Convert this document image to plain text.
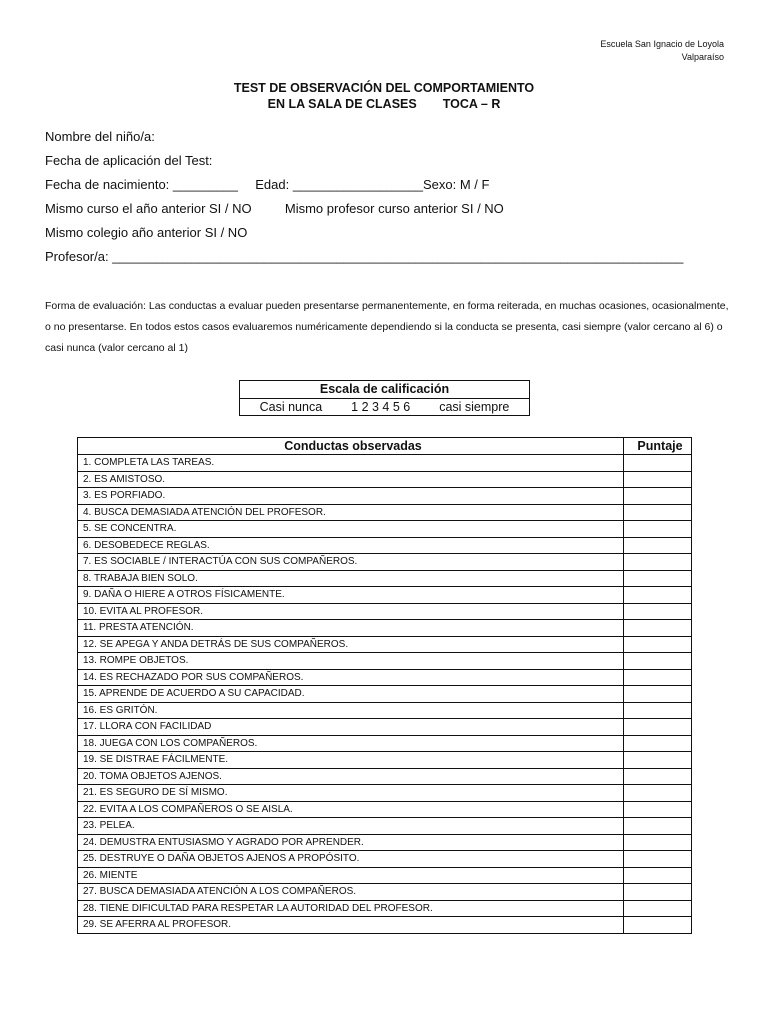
Escuela San Ignacio de Loyola
Valparaíso
TEST DE OBSERVACIÓN DEL COMPORTAMIENTO
EN LA SALA DE CLASES TOCA – R
Nombre del niño/a:
Fecha de aplicación del Test:
Fecha de nacimiento: _________ Edad: __________________Sexo: M / F
Mismo curso el año anterior SI / NO	Mismo profesor curso anterior SI / NO
Mismo colegio año anterior SI / NO
Profesor/a: _______________________________________________________________________________
Forma de evaluación: Las conductas a evaluar pueden presentarse permanentemente, en forma reiterada, en muchas ocasiones, ocasionalmente, o no presentarse. En todos estos casos evaluaremos numéricamente dependiendo si la conducta se presenta, casi siempre (valor cercano al 6) o casi nunca (valor cercano al 1)
Escala de calificación
Casi nunca 1 2 3 4 5 6 casi siempre
Conductas observadas	Puntaje
1. COMPLETA LAS TAREAS.	
2. ES AMISTOSO.	
3. ES PORFIADO.	
4. BUSCA DEMASIADA ATENCIÓN DEL PROFESOR.	
5. SE CONCENTRA.	
6. DESOBEDECE REGLAS.	
7. ES SOCIABLE / INTERACTÚA CON SUS COMPAÑEROS.	
8. TRABAJA BIEN SOLO.	
9. DAÑA O HIERE A OTROS FÍSICAMENTE.	
10. EVITA AL PROFESOR.	
11. PRESTA ATENCIÓN.	
12. SE APEGA Y ANDA DETRÁS DE SUS COMPAÑEROS.	
13. ROMPE OBJETOS.	
14. ES RECHAZADO POR SUS COMPAÑEROS.	
15. APRENDE DE ACUERDO A SU CAPACIDAD.	
16. ES GRITÓN.	
17. LLORA CON FACILIDAD	
18. JUEGA CON LOS COMPAÑEROS.	
19. SE DISTRAE FÁCILMENTE.	
20. TOMA OBJETOS AJENOS.	
21. ES SEGURO DE SÍ MISMO.	
22. EVITA A LOS COMPAÑEROS O SE AISLA.	
23. PELEA.	
24. DEMUSTRA ENTUSIASMO Y AGRADO POR APRENDER.	
25. DESTRUYE O DAÑA OBJETOS AJENOS A PROPÓSITO.	
26. MIENTE	
27. BUSCA DEMASIADA ATENCIÓN A LOS COMPAÑEROS.	
28. TIENE DIFICULTAD PARA RESPETAR LA AUTORIDAD DEL PROFESOR.	
29. SE AFERRA AL PROFESOR.	
